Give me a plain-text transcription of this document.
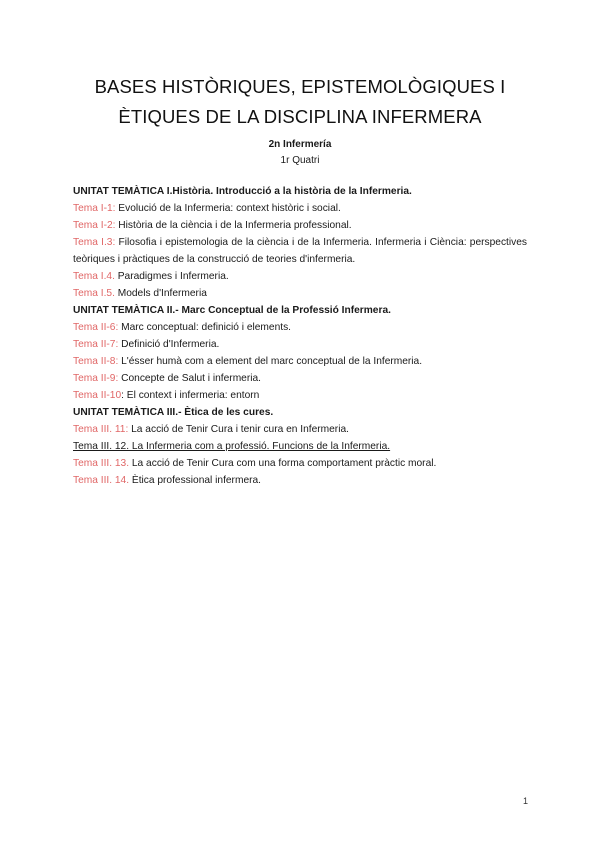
BASES HISTÒRIQUES, EPISTEMOLÒGIQUES I ÈTIQUES DE LA DISCIPLINA INFERMERA
2n Infermería
1r Quatri
UNITAT TEMÀTICA I.Història. Introducció a la història de la Infermeria.
Tema I-1: Evolució de la Infermeria: context històric i social.
Tema I-2: Història de la ciència i de la Infermeria professional.
Tema I.3: Filosofia i epistemologia de la ciència i de la Infermeria. Infermeria i Ciència: perspectives teòriques i pràctiques de la construcció de teories d'infermeria.
Tema I.4. Paradigmes i Infermeria.
Tema I.5. Models d'Infermeria
UNITAT TEMÀTICA II.- Marc Conceptual de la Professió Infermera.
Tema II-6: Marc conceptual: definició i elements.
Tema II-7: Definició d'Infermeria.
Tema II-8: L'ésser humà com a element del marc conceptual de la Infermeria.
Tema II-9: Concepte de Salut i infermeria.
Tema II-10: El context i infermeria: entorn
UNITAT TEMÀTICA III.- Ètica de les cures.
Tema III. 11: La acció de Tenir Cura i tenir cura en Infermeria.
Tema III. 12. La Infermeria com a professió. Funcions de la Infermeria.
Tema III. 13. La acció de Tenir Cura com una forma comportament pràctic moral.
Tema III. 14. Ètica professional infermera.
1
